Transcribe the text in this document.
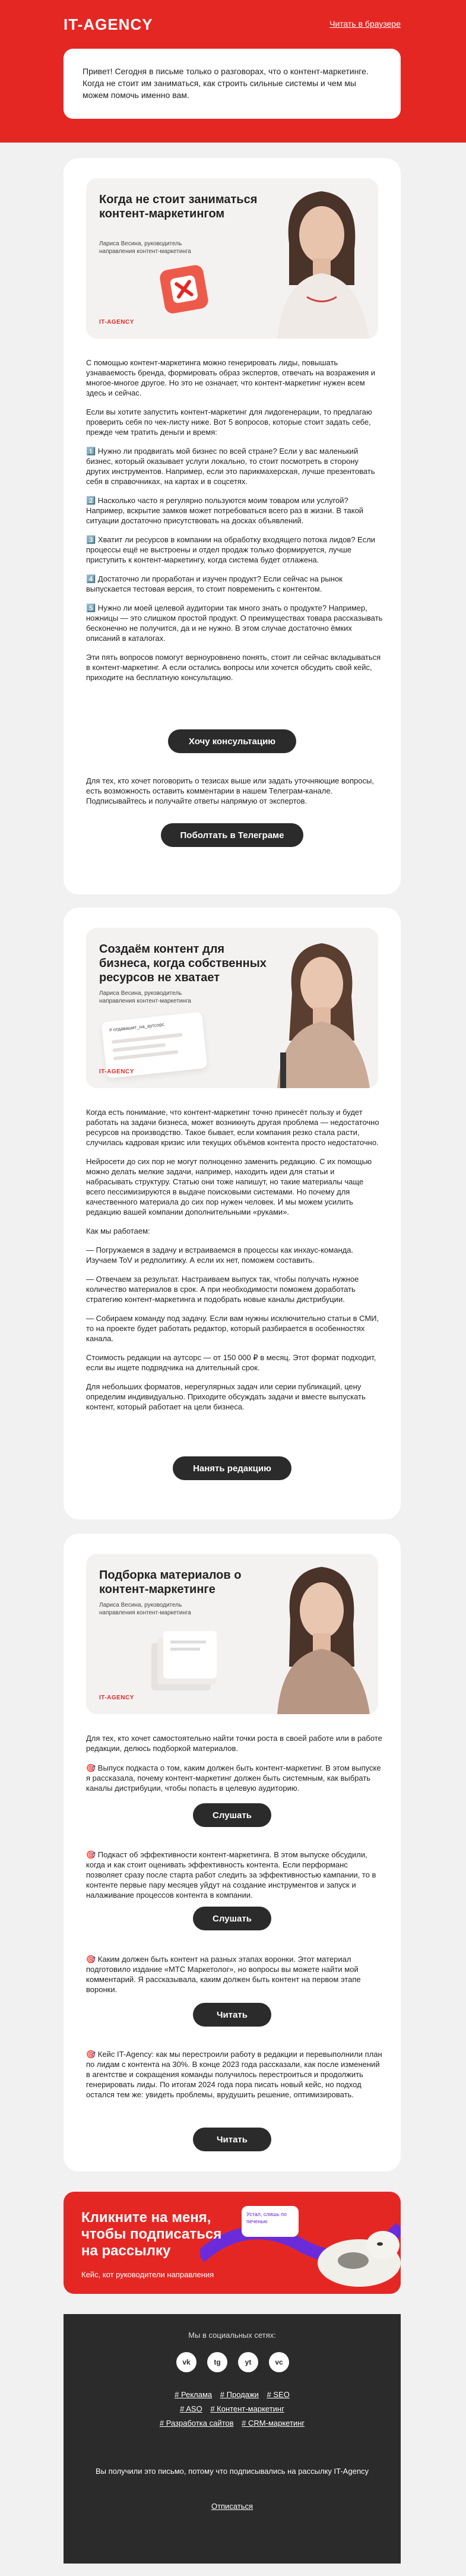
IT-AGENCY	Читать в браузере
Привет! Сегодня в письме только о разговорах, что о контент-маркетинге. Когда не стоит им заниматься, как строить сильные системы и чем мы можем помочь именно вам.
Когда не стоит заниматься контент-маркетингом
Лариса Весина, руководитель направления контент-маркетинга
IT-AGENCY

С помощью контент-маркетинга можно генерировать лиды, повышать узнаваемость бренда, формировать образ экспертов, отвечать на возражения и многое-многое другое. Но это не означает, что контент-маркетинг нужен всем здесь и сейчас.

Если вы хотите запустить контент-маркетинг для лидогенерации, то предлагаю проверить себя по чек-листу ниже. Вот 5 вопросов, которые стоит задать себе, прежде чем тратить деньги и время:

1️⃣ Нужно ли продвигать мой бизнес по всей стране? Если у вас маленький бизнес, который оказывает услуги локально, то стоит посмотреть в сторону других инструментов. Например, если это парикмахерская, лучше презентовать себя в справочниках, на картах и в соцсетях.

2️⃣ Насколько часто я регулярно пользуются моим товаром или услугой? Например, вскрытие замков может потребоваться всего раз в жизни. В такой ситуации достаточно присутствовать на досках объявлений.

3️⃣ Хватит ли ресурсов в компании на обработку входящего потока лидов? Если процессы ещё не выстроены и отдел продаж только формируется, лучше приступить к контент-маркетингу, когда система будет отлажена.

4️⃣ Достаточно ли проработан и изучен продукт? Если сейчас на рынок выпускается тестовая версия, то стоит повременить с контентом.

5️⃣ Нужно ли моей целевой аудитории так много знать о продукте? Например, ножницы — это слишком простой продукт. О преимуществах товара рассказывать бесконечно не получится, да и не нужно. В этом случае достаточно ёмких описаний в каталогах.

Эти пять вопросов помогут верноуровнено понять, стоит ли сейчас вкладываться в контент-маркетинг. А если остались вопросы или хочется обсудить свой кейс, приходите на бесплатную консультацию.

Хочу консультацию

Для тех, кто хочет поговорить о тезисах выше или задать уточняющие вопросы, есть возможность оставить комментарии в нашем Телеграм-канале. Подписывайтесь и получайте ответы напрямую от экспертов.

Поболтать в Телеграме
Создаём контент для бизнеса, когда собственных ресурсов не хватает
Лариса Весина, руководитель направления контент-маркетинга
# отдавашит_на_аутсорс
IT-AGENCY

Когда есть понимание, что контент-маркетинг точно принесёт пользу и будет работать на задачи бизнеса, может возникнуть другая проблема — недостаточно ресурсов на производство. Такое бывает, если компания резко стала расти, случилась кадровая кризис или текущих объёмов контента просто недостаточно.

Нейросети до сих пор не могут полноценно заменить редакцию. С их помощью можно делать мелкие задачи, например, находить идеи для статьи и набрасывать структуру. Статью они тоже напишут, но такие материалы чаще всего пессимизируются в выдаче поисковыми системами. Но почему для качественного материала до сих пор нужен человек. И мы можем усилить редакцию вашей компании дополнительными «руками».

Как мы работаем:

— Погружаемся в задачу и встраиваемся в процессы как инхаус-команда. Изучаем ToV и редполитику. А если их нет, поможем составить.

— Отвечаем за результат. Настраиваем выпуск так, чтобы получать нужное количество материалов в срок. А при необходимости поможем доработать стратегию контент-маркетинга и подобрать новые каналы дистрибуции.

— Собираем команду под задачу. Если вам нужны исключительно статьи в СМИ, то на проекте будет работать редактор, который разбирается в особенностях канала.

Стоимость редакции на аутсорс — от 150 000 ₽ в месяц. Этот формат подходит, если вы ищете подрядчика на длительный срок.

Для небольших форматов, нерегулярных задач или серии публикаций, цену определим индивидуально. Приходите обсуждать задачи и вместе выпускать контент, который работает на цели бизнеса.

Нанять редакцию
Подборка материалов о контент-маркетинге
Лариса Весина, руководитель направления контент-маркетинга
IT-AGENCY

Для тех, кто хочет самостоятельно найти точки роста в своей работе или в работе редакции, делюсь подборкой материалов.

🎯 Выпуск подкаста о том, каким должен быть контент-маркетинг. В этом выпуске я рассказала, почему контент-маркетинг должен быть системным, как выбрать каналы дистрибуции, чтобы попасть в целевую аудиторию.

Слушать

🎯 Подкаст об эффективности контент-маркетинга. В этом выпуске обсудили, когда и как стоит оценивать эффективность контента. Если перформанс позволяет сразу после старта работ следить за эффективностью кампании, то в контенте первые пару месяцев уйдут на создание инструментов и запуск и налаживание процессов контента в компании.

Слушать

🎯 Каким должен быть контент на разных этапах воронки. Этот материал подготовило издание «МТС Маркетолог», но вопросы вы можете найти мой комментарий. Я рассказывала, каким должен быть контент на первом этапе воронки.

Читать

🎯 Кейс IT-Agency: как мы перестроили работу в редакции и перевыполнили план по лидам с контента на 30%. В конце 2023 года рассказали, как после изменений в агентстве и сокращения команды получилось перестроиться и продолжить генерировать лиды. По итогам 2024 года пора писать новый кейс, но подход остался тем же: увидеть проблемы, врудушить решение, оптимизировать.

Читать
Кликните на меня, чтобы подписаться на рассылку
Устал, слишь по печенью
Кейс, кот руководители направления
Мы в социальных сетях:
vk	tg	yt	vc
# Реклама # Продажи # SEO
# ASO # Контент-маркетинг
# Разработка сайтов # CRM-маркетинг
Вы получили это письмо, потому что подписывались на рассылку IT-Agency
Отписаться
